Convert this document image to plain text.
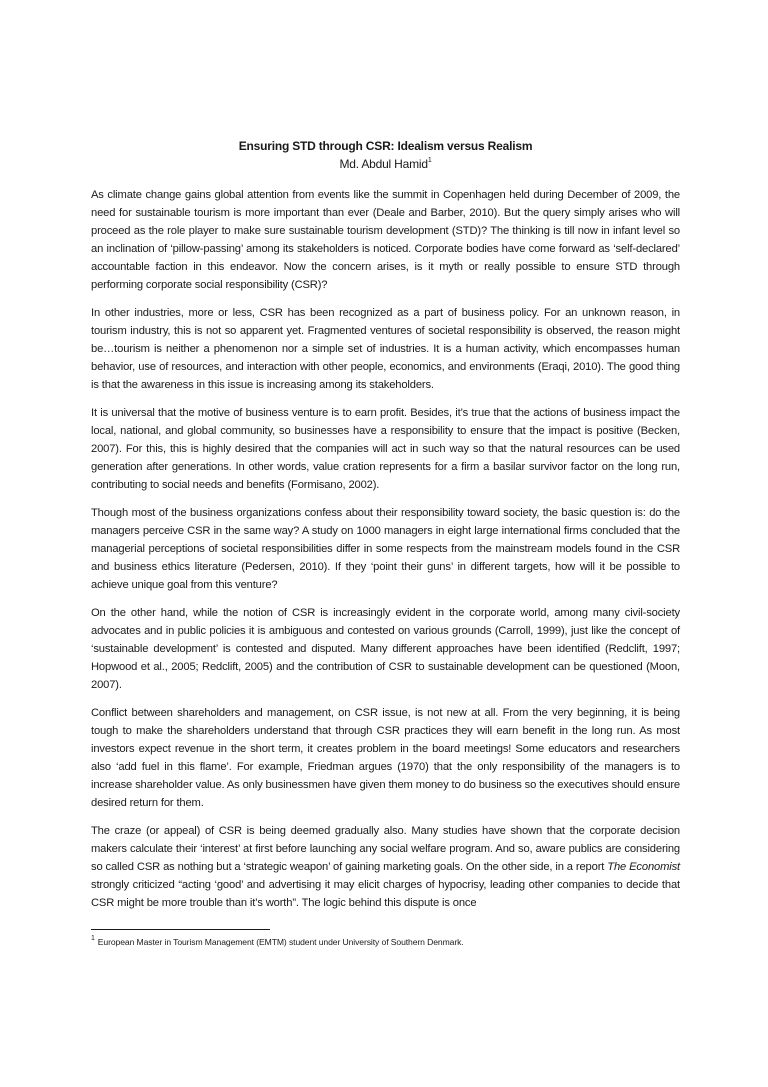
Ensuring STD through CSR: Idealism versus Realism
Md. Abdul Hamid$^1$

As climate change gains global attention from events like the summit in Copenhagen held during December of 2009, the need for sustainable tourism is more important than ever (Deale and Barber, 2010). But the query simply arises who will proceed as the role player to make sure sustainable tourism development (STD)? The thinking is till now in infant level so an inclination of ‘pillow-passing’ among its stakeholders is noticed. Corporate bodies have come forward as ‘self-declared’ accountable faction in this endeavor. Now the concern arises, is it myth or really possible to ensure STD through performing corporate social responsibility (CSR)?

In other industries, more or less, CSR has been recognized as a part of business policy. For an unknown reason, in tourism industry, this is not so apparent yet. Fragmented ventures of societal responsibility is observed, the reason might be…tourism is neither a phenomenon nor a simple set of industries. It is a human activity, which encompasses human behavior, use of resources, and interaction with other people, economics, and environments (Eraqi, 2010). The good thing is that the awareness in this issue is increasing among its stakeholders.

It is universal that the motive of business venture is to earn profit. Besides, it’s true that the actions of business impact the local, national, and global community, so businesses have a responsibility to ensure that the impact is positive (Becken, 2007). For this, this is highly desired that the companies will act in such way so that the natural resources can be used generation after generations. In other words, value cration represents for a firm a basilar survivor factor on the long run, contributing to social needs and benefits (Formisano, 2002).

Though most of the business organizations confess about their responsibility toward society, the basic question is: do the managers perceive CSR in the same way? A study on 1000 managers in eight large international firms concluded that the managerial perceptions of societal responsibilities differ in some respects from the mainstream models found in the CSR and business ethics literature (Pedersen, 2010). If they ‘point their guns’ in different targets, how will it be possible to achieve unique goal from this venture?

On the other hand, while the notion of CSR is increasingly evident in the corporate world, among many civil-society advocates and in public policies it is ambiguous and contested on various grounds (Carroll, 1999), just like the concept of ‘sustainable development’ is contested and disputed. Many different approaches have been identified (Redclift, 1997; Hopwood et al., 2005; Redclift, 2005) and the contribution of CSR to sustainable development can be questioned (Moon, 2007).

Conflict between shareholders and management, on CSR issue, is not new at all. From the very beginning, it is being tough to make the shareholders understand that through CSR practices they will earn benefit in the long run. As most investors expect revenue in the short term, it creates problem in the board meetings! Some educators and researchers also ‘add fuel in this flame’. For example, Friedman argues (1970) that the only responsibility of the managers is to increase shareholder value. As only businessmen have given them money to do business so the executives should ensure desired return for them.

The craze (or appeal) of CSR is being deemed gradually also. Many studies have shown that the corporate decision makers calculate their ‘interest’ at first before launching any social welfare program. And so, aware publics are considering so called CSR as nothing but a ‘strategic weapon’ of gaining marketing goals. On the other side, in a report The Economist strongly criticized “acting ‘good’ and advertising it may elicit charges of hypocrisy, leading other companies to decide that CSR might be more trouble than it’s worth”. The logic behind this dispute is once

$^1$ European Master in Tourism Management (EMTM) student under University of Southern Denmark.
